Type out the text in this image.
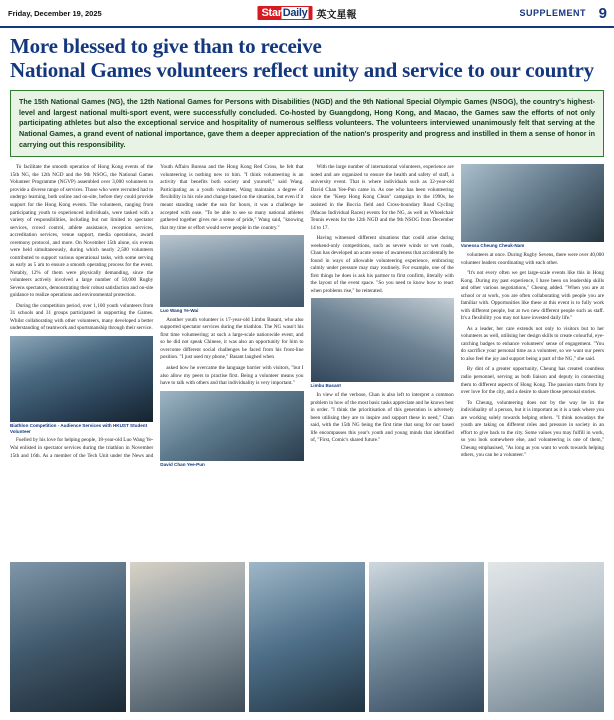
Friday, December 19, 2025	StarDaily 英文星報	SUPPLEMENT 9
More blessed to give than to receive
National Games volunteers reflect unity and service to our country
The 15th National Games (NG), the 12th National Games for Persons with Disabilities (NGD) and the 9th National Special Olympic Games (NSOG), the country's highest-level and largest national multi-sport event, were successfully concluded. Co-hosted by Guangdong, Hong Kong, and Macao, the Games saw the efforts of not only participating athletes but also the exceptional service and hospitality of numerous selfless volunteers. The volunteers interviewed unanimously felt that serving at the National Games, a grand event of national importance, gave them a deeper appreciation of the nation's prosperity and progress and instilled in them a sense of honor in carrying out this responsibility.

To facilitate the smooth operation of Hong Kong events of the 15th NG, the 12th NGD and the 9th NSOG, the National Games Volunteer Programme (NGVP) assembled over 3,000 volunteers to provide a diverse range of services. Those who were recruited had to undergo learning, both online and on-site, before they could provide support for the Hong Kong events. The volunteers, ranging from participating youth to experienced individuals, were tasked with a variety of responsibilities, including but not limited to spectator services, crowd control, athlete assistance, reception services, accreditation services, venue support, media operations, award ceremony protocol, and more. On November 15th alone, six events were held simultaneously, during which nearly 2,500 volunteers contributed to support various operational tasks, with some serving as early as 5 am to ensure a smooth operating process for the event. Notably, 12% of them were physically demanding, since the volunteers actively involved a large number of 50,000 Rugby Sevens spectators, demonstrating their robust satisfaction and on-site guidance to realize operations and environmental protection.

During the competition period, over 1,100 youth volunteers from 31 schools and 31 groups participated in supporting the Games. Whilst collaborating with other volunteers, many developed a better understanding of teamwork and sportsmanship through their service.

Biathlon Competition - Audience Services with HKUST Student Volunteer

Fuelled by his love for helping people, 18-year-old Luo Wang Ye-Wai enlisted in spectator services during the triathlon in November 15th and 16th. As a member of the Tech Unit under the News and Youth Affairs Bureau and the Hong Kong Red Cross, he felt that volunteering is nothing new to him. "I think volunteering is an activity that benefits both society and yourself," said Wang. Participating as a youth volunteer, Wang maintains a degree of flexibility in his role and change based on the situation, but even if it meant standing under the sun for hours, it was a challenge he accepted with ease. "To be able to see so many national athletes gathered together gives me a sense of pride," Wang said, "knowing that my time or effort would serve people in the country."

Luo Wang Ye-Wai

Another youth volunteer is 17-year-old Limbu Basant, who also supported spectator services during the triathlon. The NG wasn't his first time volunteering; at such a large-scale nationwide event, and so he did not speak Chinese, it was also an opportunity for him to overcome different social challenges he faced from his front-line position. "I just used my phone," Basant laughed when

asked how he overcame the language barrier with visitors, "but I also allow my peers to practise first. Being a volunteer means you have to talk with others and that individuality is very important."

David Chan Yee-Pun

With the large number of international volunteers, experience are noted and are organized to ensure the health and safety of staff, a university event. That is where individuals such as 32-year-old David Chan Yee-Pun came in. As one who has been volunteering since the "Keep Hong Kong Clean" campaign in the 1990s, he assisted in the Boccia field and Cross-boundary Road Cycling (Macao Individual Races) events for the NG, as well as Wheelchair Tennis events for the 12th NGD and the 9th NSOG from December 14 to 17.

Having witnessed different situations that could arise during weekend-only competitions, such as severe winds or wet roads, Chan has developed an acute sense of awareness that accidentally be found in ways of allowable volunteering experience, embracing calmly under pressure may may routinely. For example, one of the first things he does is ask his partner to first confirm, literally with the layout of the event space. "So you need to know how to react when problems rise," he reiterated.

Limbu Basant

In view of the verbose, Chan is also left to interpret a common problem in how of the most basic tasks appreciate and he knows best in order. "I think the prioritisation of this generation is adversely been utilising they are to inspire and support these in need," Chan said, with the 15th NG being the first time that song for our based life encompasses this year's youth and young minds that identified of, "First, Comic's shared future."

Vanessa Cheung Cheuk-Nam

volunteers at once. During Rugby Sevens, there were over 40,000 volunteer leaders coordinating with each other.

"It's not every often we get large-scale events like this in Hong Kong. During my past experience, I have been on leadership skills and other various negotiations," Cheung added. "When you are at school or at work, you are often collaborating with people you are familiar with. Opportunities like these at this event is to fully work with different people, but at two new different people such as staff. It's a flexibility you may not have invested daily life."

As a leader, her care extends not only to visitors but to her volunteers as well, utilising her design skills to create colourful, eye-catching badges to enhance volunteers' sense of engagement. "You do sacrifice your personal time as a volunteer, so we want our peers to also feel the joy and support being a part of the NG," she said.

By dint of a greater opportunity, Cheung has created countless radio personnel, serving as both liaison and deputy in connecting them to different aspects of Hong Kong. The passion starts from by over love for the city, and a desire to share those personal stories.

To Cheung, volunteering does not by the way be in the individuality of a person, but it is important as it is a task where you are working solely towards helping others. "I think nowadays the youth are taking on different roles and pressure in society in an effort to give back to the city. Some values you may fulfill in work, so you look somewhere else, and volunteering is one of them," Cheung emphasised, "As long as you want to work towards helping others, you can be a volunteer."
